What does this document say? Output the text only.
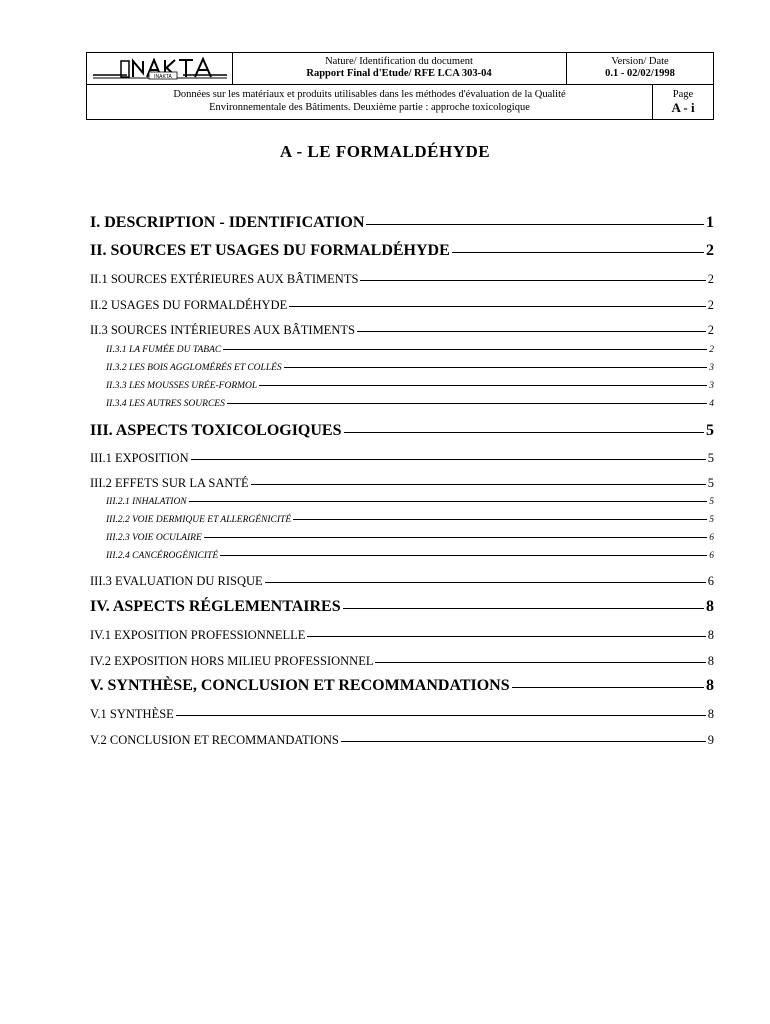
INAKTA
Nature/ Identification du document
Rapport Final d'Etude/ RFE LCA 303-04
Version/ Date
0.1 - 02/02/1998
Données sur les matériaux et produits utilisables dans les méthodes d'évaluation de la Qualité
Environnementale des Bâtiments. Deuxième partie : approche toxicologique
Page
A - i
A - LE FORMALDÉHYDE
I. DESCRIPTION - IDENTIFICATION	1
II. SOURCES ET USAGES DU FORMALDÉHYDE	2
II.1 SOURCES EXTÉRIEURES AUX BÂTIMENTS	2
II.2 USAGES DU FORMALDÉHYDE	2
II.3 SOURCES INTÉRIEURES AUX BÂTIMENTS	2
II.3.1 LA FUMÉE DU TABAC	2
II.3.2 LES BOIS AGGLOMÉRÉS ET COLLÉS	3
II.3.3 LES MOUSSES URÉE-FORMOL	3
II.3.4 LES AUTRES SOURCES	4
III. ASPECTS TOXICOLOGIQUES	5
III.1 EXPOSITION	5
III.2 EFFETS SUR LA SANTÉ	5
III.2.1 INHALATION	5
III.2.2 VOIE DERMIQUE ET ALLERGÉNICITÉ	5
III.2.3 VOIE OCULAIRE	6
III.2.4 CANCÉROGÉNICITÉ	6
III.3 EVALUATION DU RISQUE	6
IV. ASPECTS RÉGLEMENTAIRES	8
IV.1 EXPOSITION PROFESSIONNELLE	8
IV.2 EXPOSITION HORS MILIEU PROFESSIONNEL	8
V. SYNTHÈSE, CONCLUSION ET RECOMMANDATIONS	8
V.1 SYNTHÈSE	8
V.2 CONCLUSION ET RECOMMANDATIONS	9
